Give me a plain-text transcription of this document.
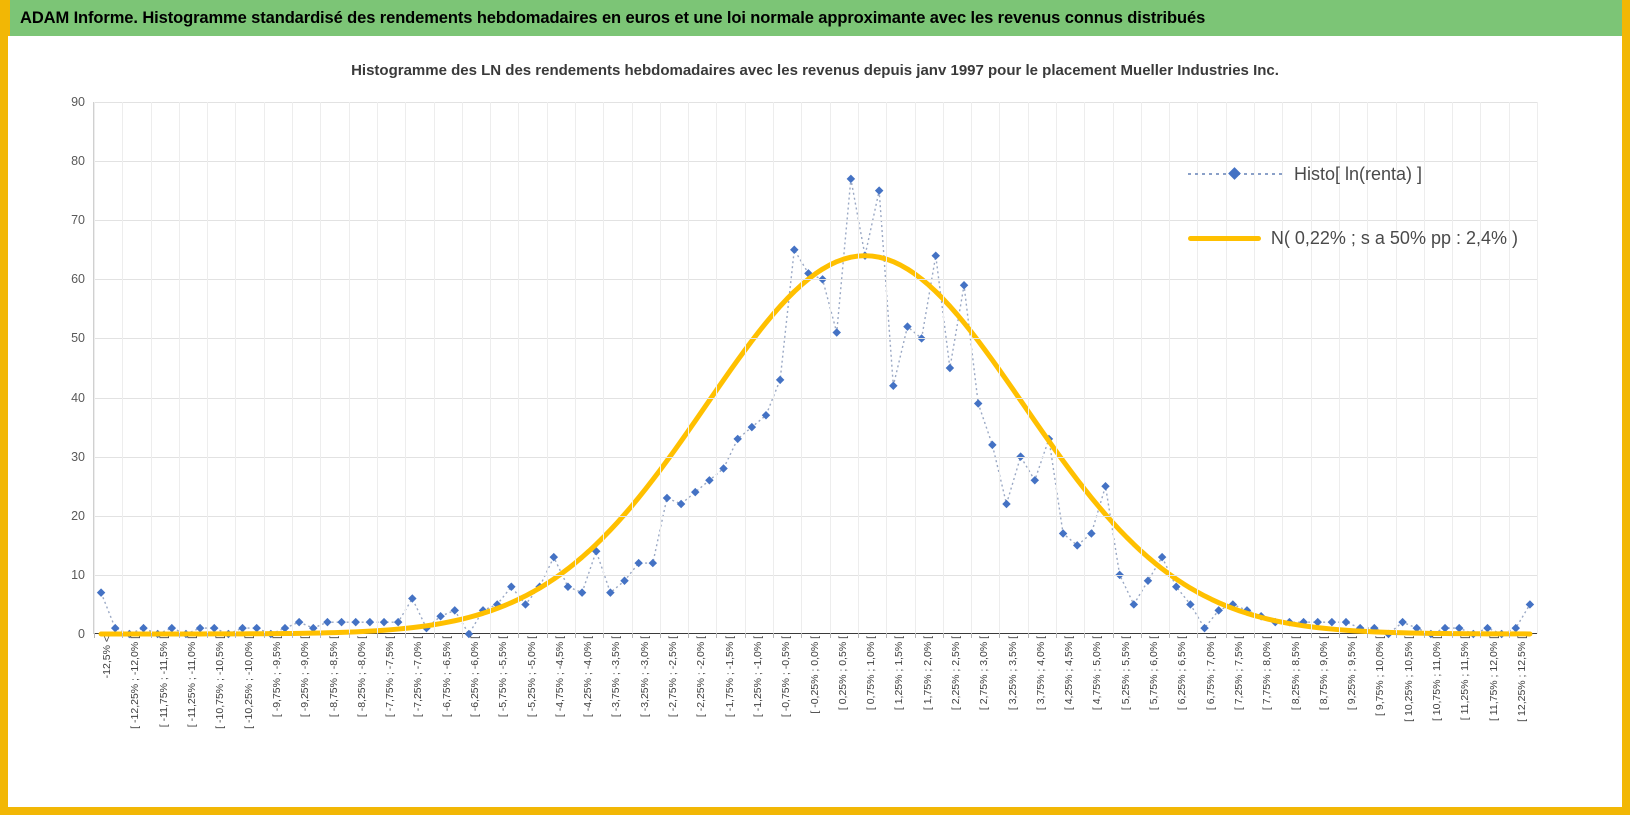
ADAM Informe. Histogramme standardisé des rendements hebdomadaires en euros et une loi normale approximante avec les revenus connus distribués
Histogramme des LN des rendements hebdomadaires avec les revenus depuis janv 1997 pour le placement Mueller Industries Inc.
0
10
20
30
40
50
60
70
80
90
-12,5% < [ -12,25% ; -12,0% [ [ -11,75% ; -11,5% [ [ -11,25% ; -11,0% [ [ -10,75% ; -10,5% [ [ -10,25% ; -10,0% [ [ -9,75% ; -9,5% [ [ -9,25% ; -9,0% [ [ -8,75% ; -8,5% [ [ -8,25% ; -8,0% [ [ -7,75% ; -7,5% [ [ -7,25% ; -7,0% [ [ -6,75% ; -6,5% [ [ -6,25% ; -6,0% [ [ -5,75% ; -5,5% [ [ -5,25% ; -5,0% [ [ -4,75% ; -4,5% [ [ -4,25% ; -4,0% [ [ -3,75% ; -3,5% [ [ -3,25% ; -3,0% [ [ -2,75% ; -2,5% [ [ -2,25% ; -2,0% [ [ -1,75% ; -1,5% [ [ -1,25% ; -1,0% [ [ -0,75% ; -0,5% [ [ -0,25% ; 0,0% [ [ 0,25% ; 0,5% [ [ 0,75% ; 1,0% [ [ 1,25% ; 1,5% [ [ 1,75% ; 2,0% [ [ 2,25% ; 2,5% [ [ 2,75% ; 3,0% [ [ 3,25% ; 3,5% [ [ 3,75% ; 4,0% [ [ 4,25% ; 4,5% [ [ 4,75% ; 5,0% [ [ 5,25% ; 5,5% [ [ 5,75% ; 6,0% [ [ 6,25% ; 6,5% [ [ 6,75% ; 7,0% [ [ 7,25% ; 7,5% [ [ 7,75% ; 8,0% [ [ 8,25% ; 8,5% [ [ 8,75% ; 9,0% [ [ 9,25% ; 9,5% [ [ 9,75% ; 10,0% [ [ 10,25% ; 10,5% [ [ 10,75% ; 11,0% [ [ 11,25% ; 11,5% [ [ 11,75% ; 12,0% [ [ 12,25% ; 12,5% [
Histo[ ln(renta) ]
N( 0,22% ; s a 50% pp : 2,4% )
